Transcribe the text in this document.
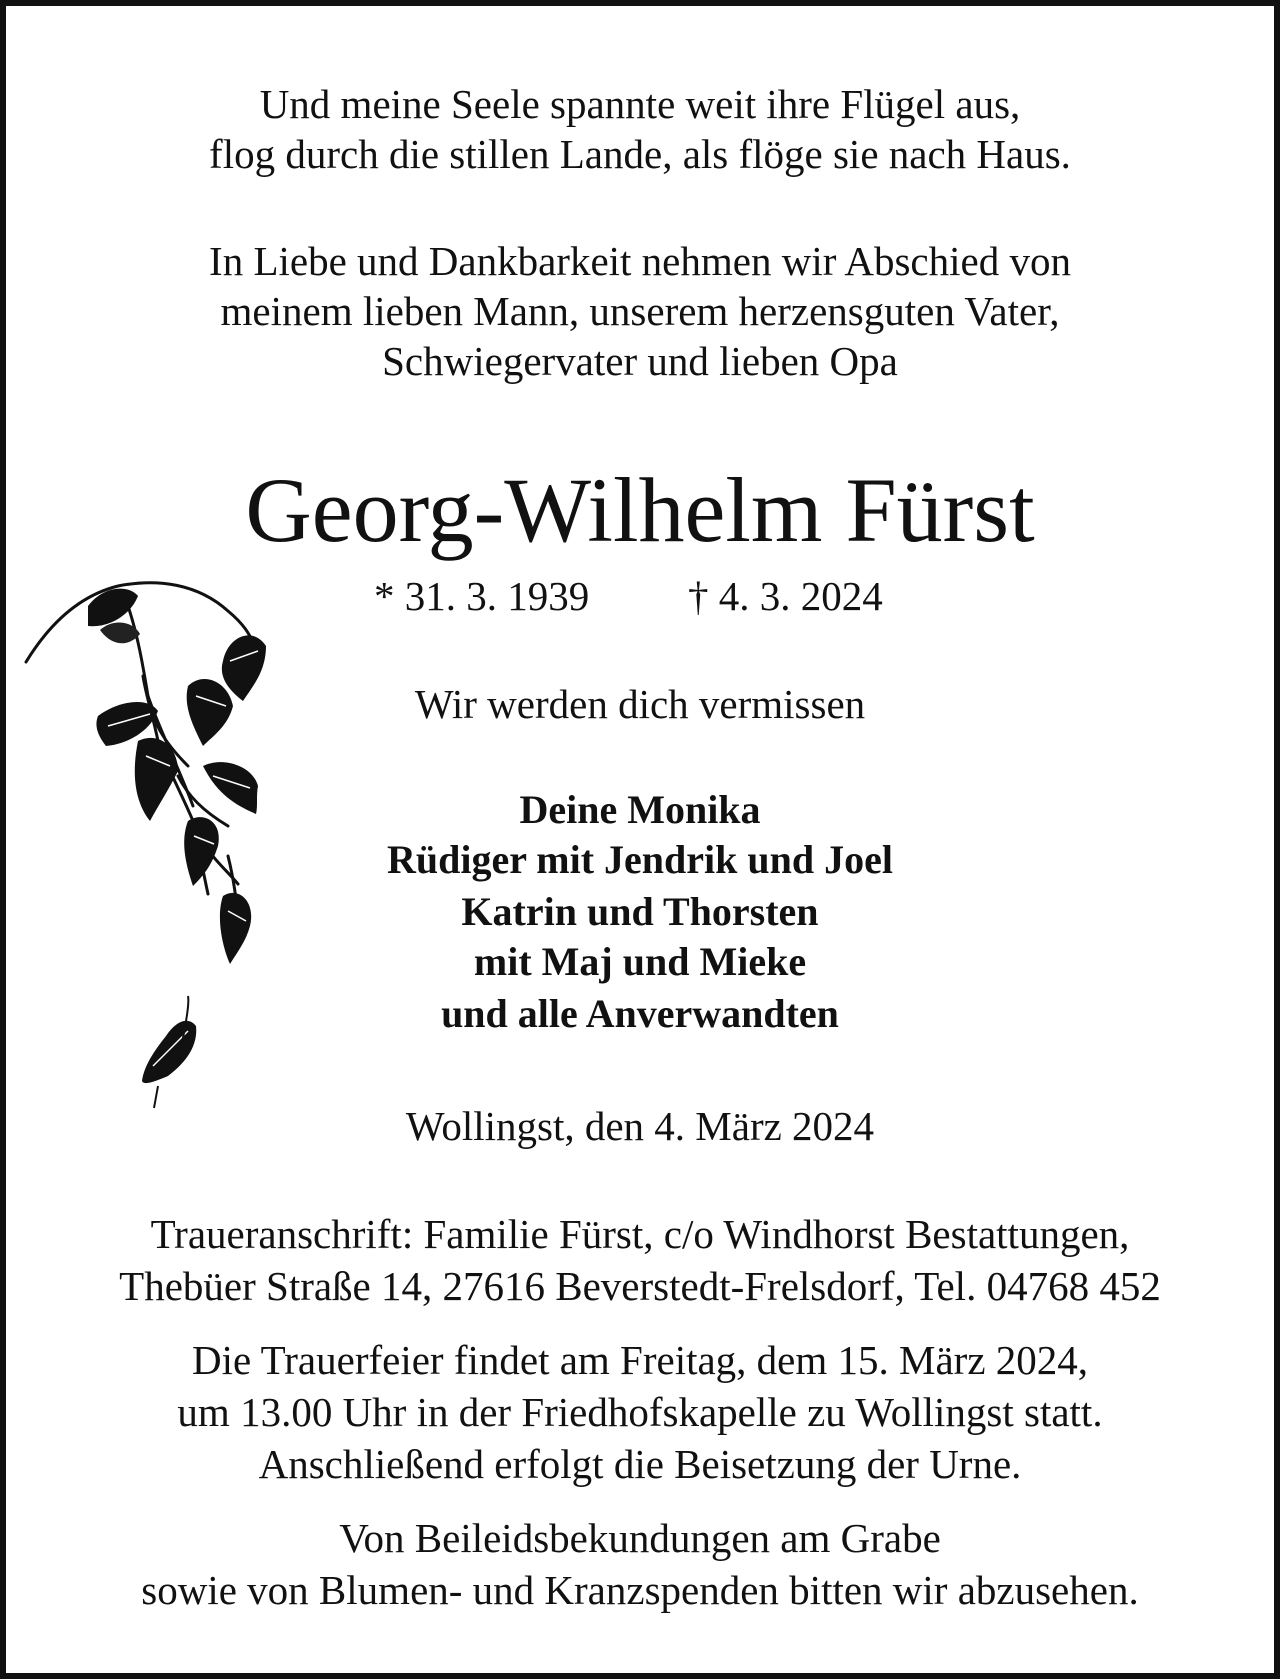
Und meine Seele spannte weit ihre Flügel aus,
flog durch die stillen Lande, als flöge sie nach Haus.
In Liebe und Dankbarkeit nehmen wir Abschied von
meinem lieben Mann, unserem herzensguten Vater,
Schwiegervater und lieben Opa
Georg-Wilhelm Fürst
* 31. 3. 1939 † 4. 3. 2024
Wir werden dich vermissen
Deine Monika
Rüdiger mit Jendrik und Joel
Katrin und Thorsten
mit Maj und Mieke
und alle Anverwandten
Wollingst, den 4. März 2024
Traueranschrift: Familie Fürst, c/o Windhorst Bestattungen,
Thebüer Straße 14, 27616 Beverstedt-Frelsdorf, Tel. 04768 452
Die Trauerfeier findet am Freitag, dem 15. März 2024,
um 13.00 Uhr in der Friedhofskapelle zu Wollingst statt.
Anschließend erfolgt die Beisetzung der Urne.
Von Beileidsbekundungen am Grabe
sowie von Blumen- und Kranzspenden bitten wir abzusehen.
